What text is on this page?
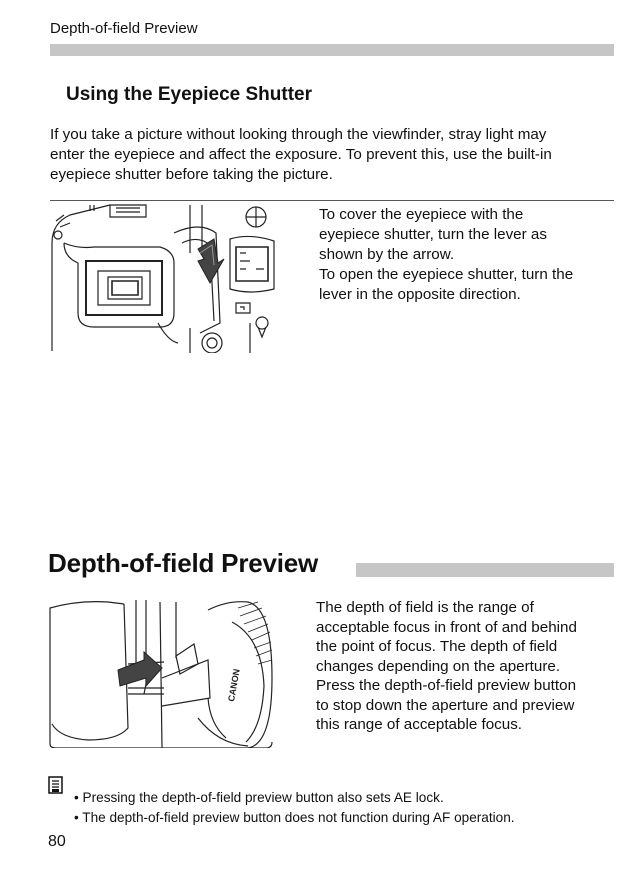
Depth-of-field Preview
Using the Eyepiece Shutter

If you take a picture without looking through the viewfinder, stray light may

enter the eyepiece and affect the exposure. To prevent this, use the built-in

eyepiece shutter before taking the picture.

To cover the eyepiece with the

eyepiece shutter, turn the lever as

shown by the arrow.

To open the eyepiece shutter, turn the

lever in the opposite direction.

Depth-of-field Preview
CANON

The depth of field is the range of

acceptable focus in front of and behind

the point of focus. The depth of field

changes depending on the aperture.

Press the depth-of-field preview button

to stop down the aperture and preview

this range of acceptable focus.

• Pressing the depth-of-field preview button also sets AE lock.
• The depth-of-field preview button does not function during AF operation.
80
